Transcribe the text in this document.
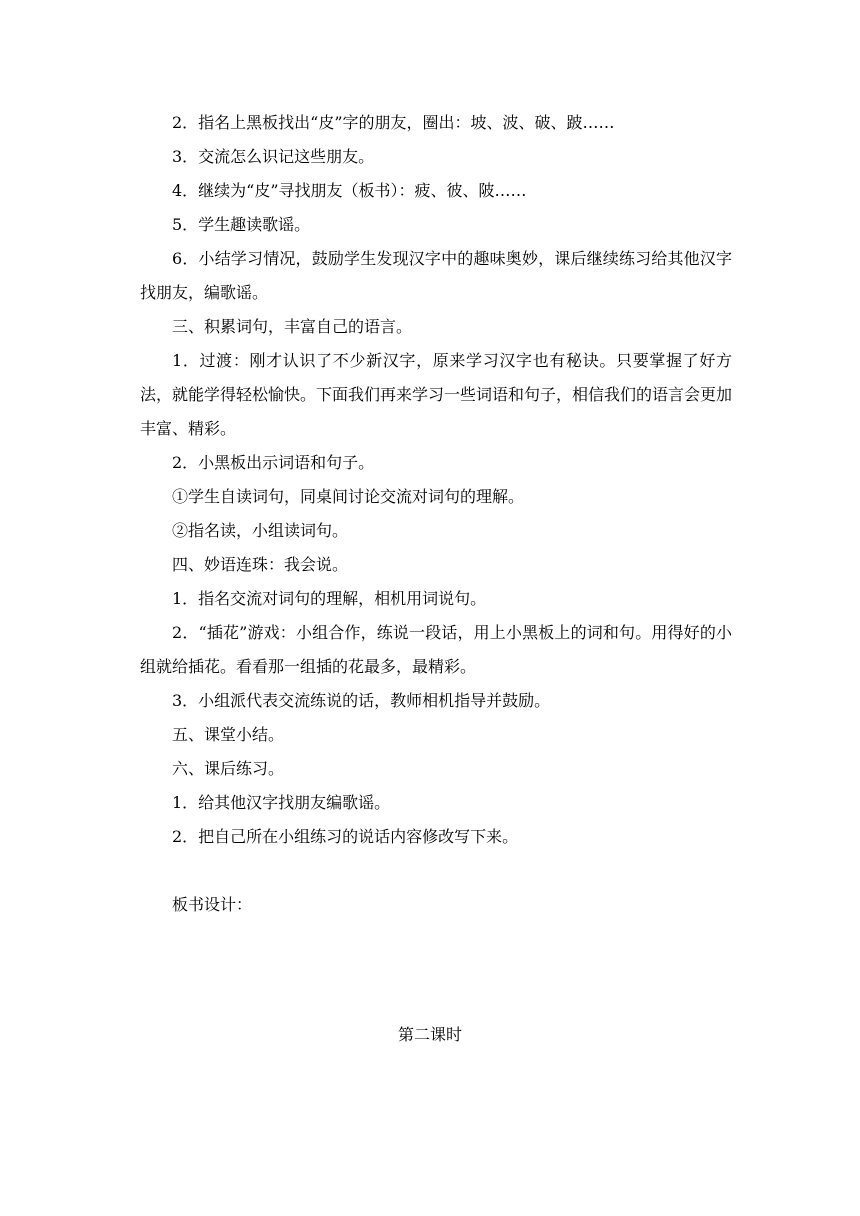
2．指名上黑板找出“皮”字的朋友，圈出：坡、波、破、跛……

3．交流怎么识记这些朋友。

4．继续为“皮”寻找朋友（板书）：疲、彼、陂……

5．学生趣读歌谣。

6．小结学习情况，鼓励学生发现汉字中的趣味奥妙，课后继续练习给其他汉字找朋友，编歌谣。

三、积累词句，丰富自己的语言。

1．过渡：刚才认识了不少新汉字，原来学习汉字也有秘诀。只要掌握了好方法，就能学得轻松愉快。下面我们再来学习一些词语和句子，相信我们的语言会更加丰富、精彩。

2．小黑板出示词语和句子。

①学生自读词句，同桌间讨论交流对词句的理解。

②指名读，小组读词句。

四、妙语连珠：我会说。

1．指名交流对词句的理解，相机用词说句。

2．“插花”游戏：小组合作，练说一段话，用上小黑板上的词和句。用得好的小组就给插花。看看那一组插的花最多，最精彩。

3．小组派代表交流练说的话，教师相机指导并鼓励。

五、课堂小结。

六、课后练习。

1．给其他汉字找朋友编歌谣。

2．把自己所在小组练习的说话内容修改写下来。

板书设计：

第二课时
